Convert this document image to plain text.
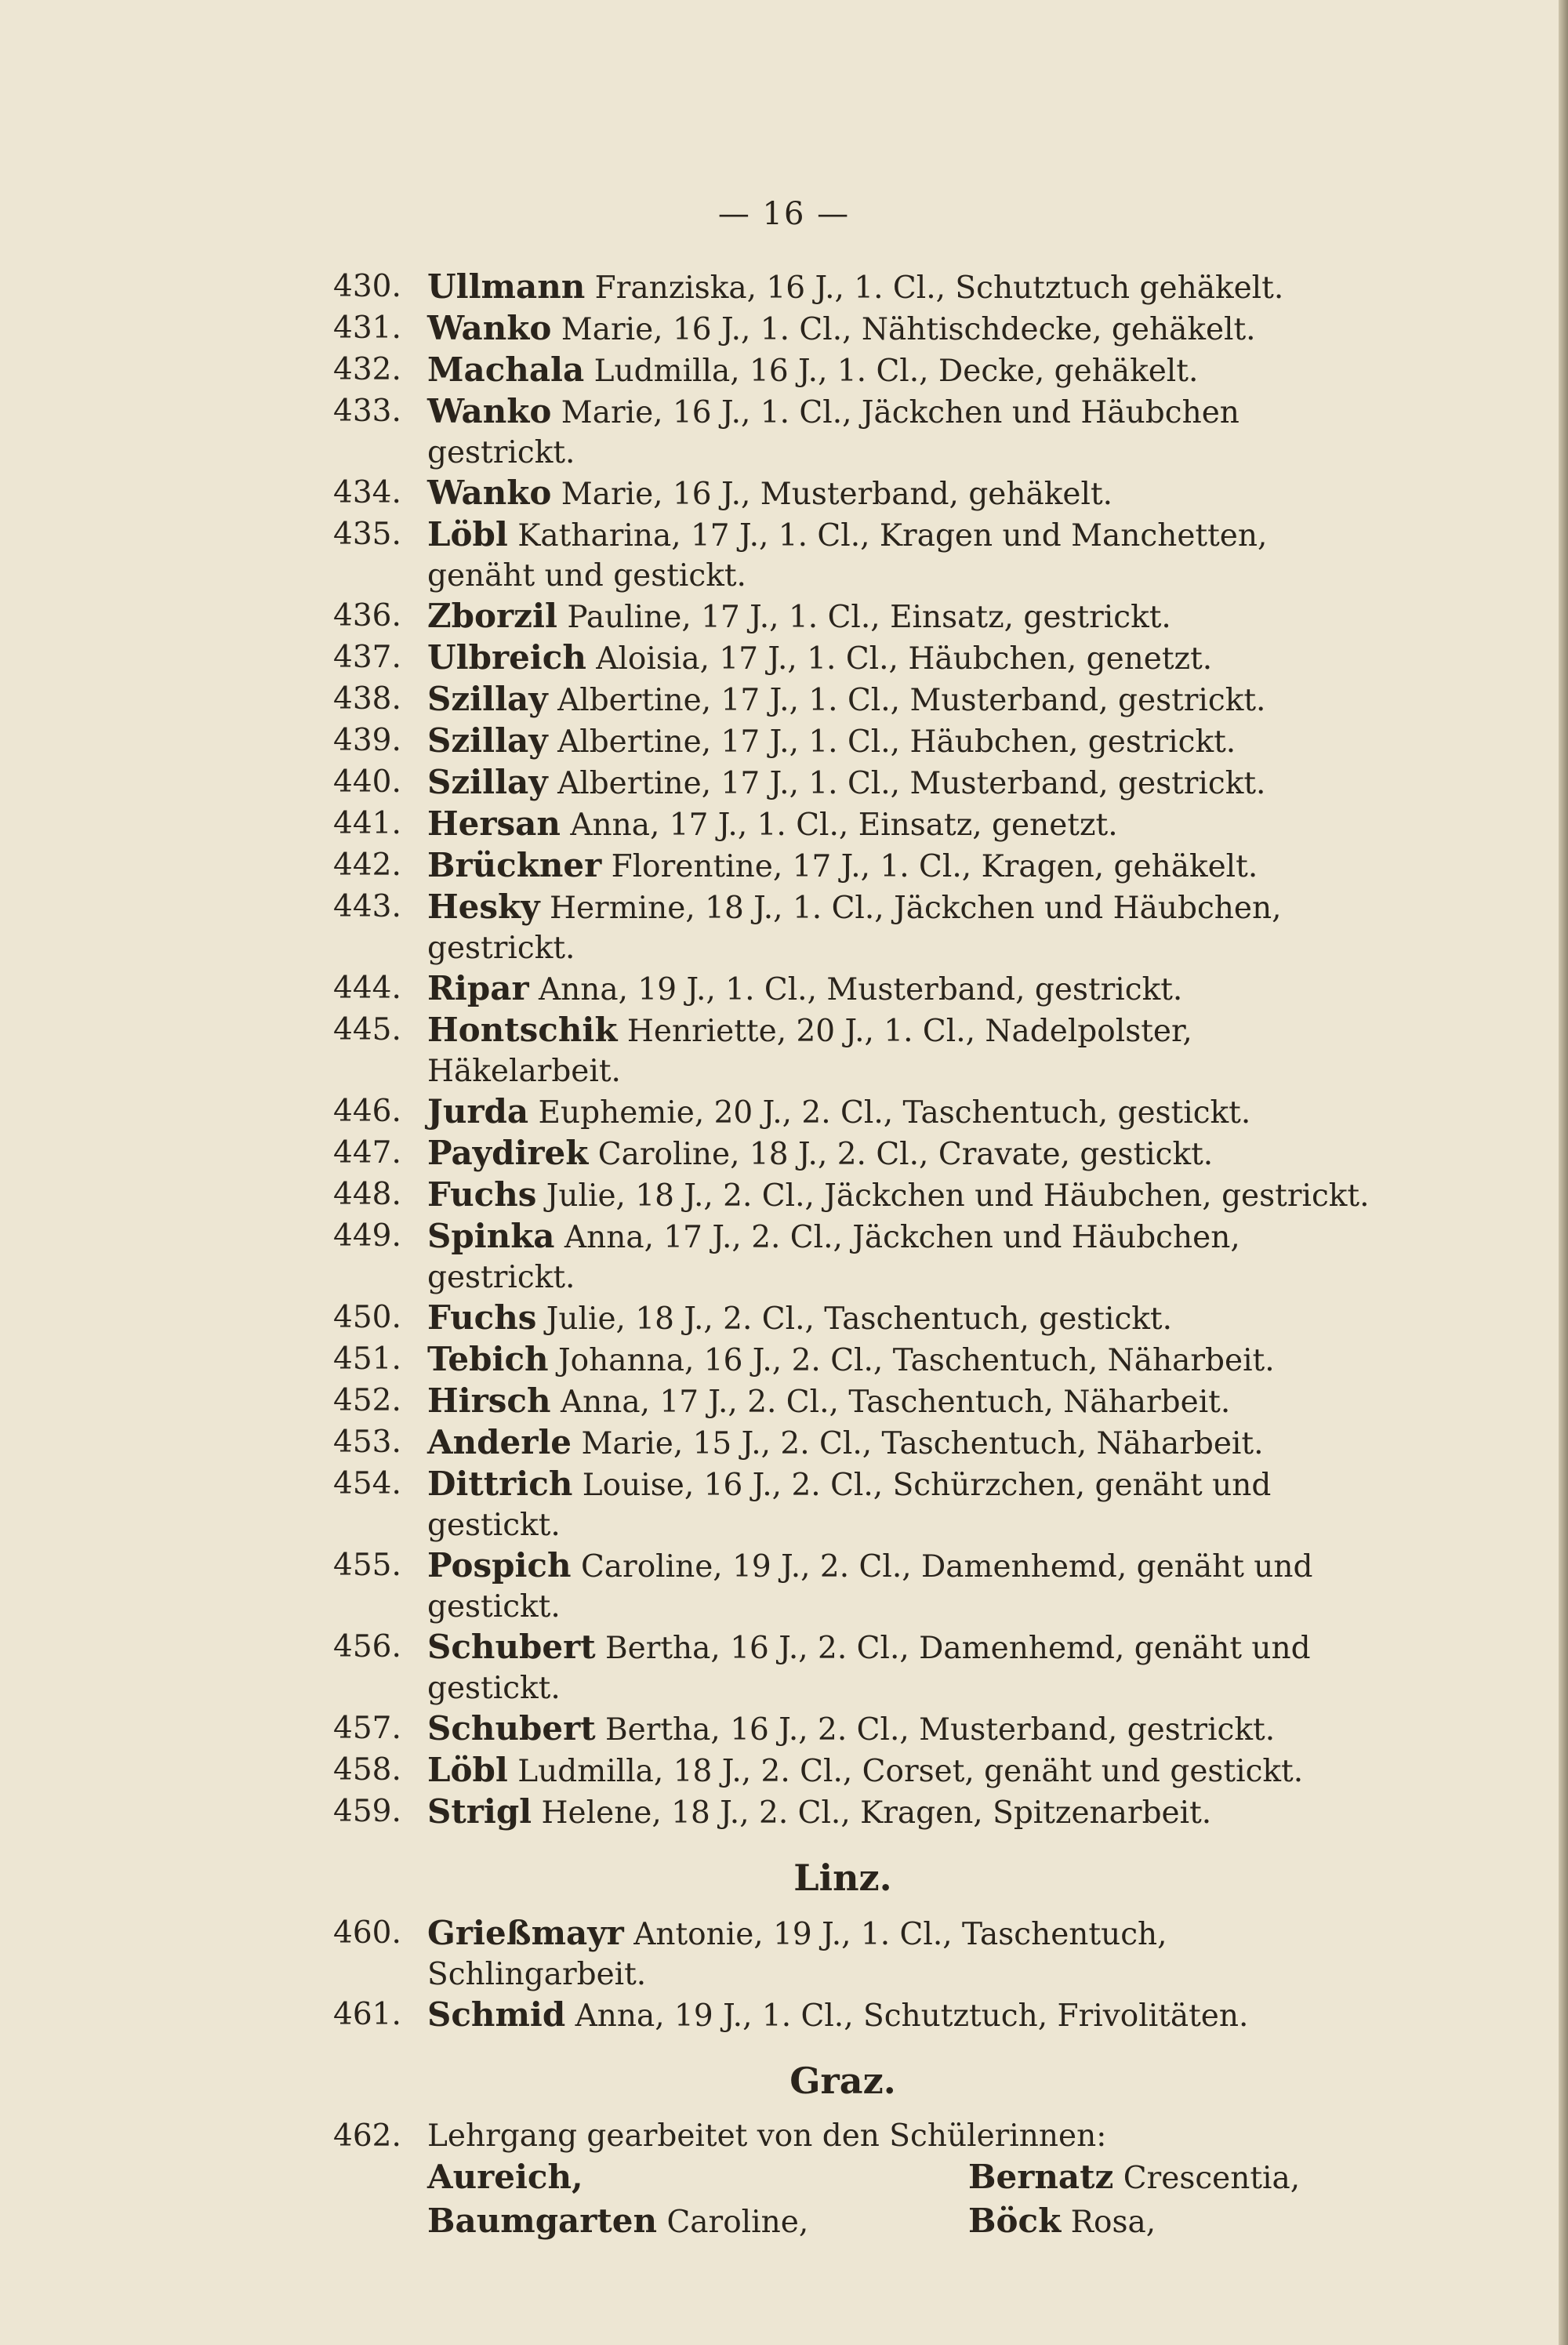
— 16 —
430. Ullmann Franziska, 16 J., 1. Cl., Schutztuch gehäkelt.
431. Wanko Marie, 16 J., 1. Cl., Nähtischdecke, gehäkelt.
432. Machala Ludmilla, 16 J., 1. Cl., Decke, gehäkelt.
433. Wanko Marie, 16 J., 1. Cl., Jäckchen und Häubchen gestrickt.
434. Wanko Marie, 16 J., Musterband, gehäkelt.
435. Löbl Katharina, 17 J., 1. Cl., Kragen und Manchetten, genäht und gestickt.
436. Zborzil Pauline, 17 J., 1. Cl., Einsatz, gestrickt.
437. Ulbreich Aloisia, 17 J., 1. Cl., Häubchen, genetzt.
438. Szillay Albertine, 17 J., 1. Cl., Musterband, gestrickt.
439. Szillay Albertine, 17 J., 1. Cl., Häubchen, gestrickt.
440. Szillay Albertine, 17 J., 1. Cl., Musterband, gestrickt.
441. Hersan Anna, 17 J., 1. Cl., Einsatz, genetzt.
442. Brückner Florentine, 17 J., 1. Cl., Kragen, gehäkelt.
443. Hesky Hermine, 18 J., 1. Cl., Jäckchen und Häubchen, gestrickt.
444. Ripar Anna, 19 J., 1. Cl., Musterband, gestrickt.
445. Hontschik Henriette, 20 J., 1. Cl., Nadelpolster, Häkelarbeit.
446. Jurda Euphemie, 20 J., 2. Cl., Taschentuch, gestickt.
447. Paydirek Caroline, 18 J., 2. Cl., Cravate, gestickt.
448. Fuchs Julie, 18 J., 2. Cl., Jäckchen und Häubchen, gestrickt.
449. Spinka Anna, 17 J., 2. Cl., Jäckchen und Häubchen, gestrickt.
450. Fuchs Julie, 18 J., 2. Cl., Taschentuch, gestickt.
451. Tebich Johanna, 16 J., 2. Cl., Taschentuch, Näharbeit.
452. Hirsch Anna, 17 J., 2. Cl., Taschentuch, Näharbeit.
453. Anderle Marie, 15 J., 2. Cl., Taschentuch, Näharbeit.
454. Dittrich Louise, 16 J., 2. Cl., Schürzchen, genäht und gestickt.
455. Pospich Caroline, 19 J., 2. Cl., Damenhemd, genäht und gestickt.
456. Schubert Bertha, 16 J., 2. Cl., Damenhemd, genäht und gestickt.
457. Schubert Bertha, 16 J., 2. Cl., Musterband, gestrickt.
458. Löbl Ludmilla, 18 J., 2. Cl., Corset, genäht und gestickt.
459. Strigl Helene, 18 J., 2. Cl., Kragen, Spitzenarbeit.
Linz.
460. Grießmayr Antonie, 19 J., 1. Cl., Taschentuch, Schlingarbeit.
461. Schmid Anna, 19 J., 1. Cl., Schutztuch, Frivolitäten.
Graz.
462. Lehrgang gearbeitet von den Schülerinnen:
Aureich,	Bernatz Crescentia,
Baumgarten Caroline,	Böck Rosa,
